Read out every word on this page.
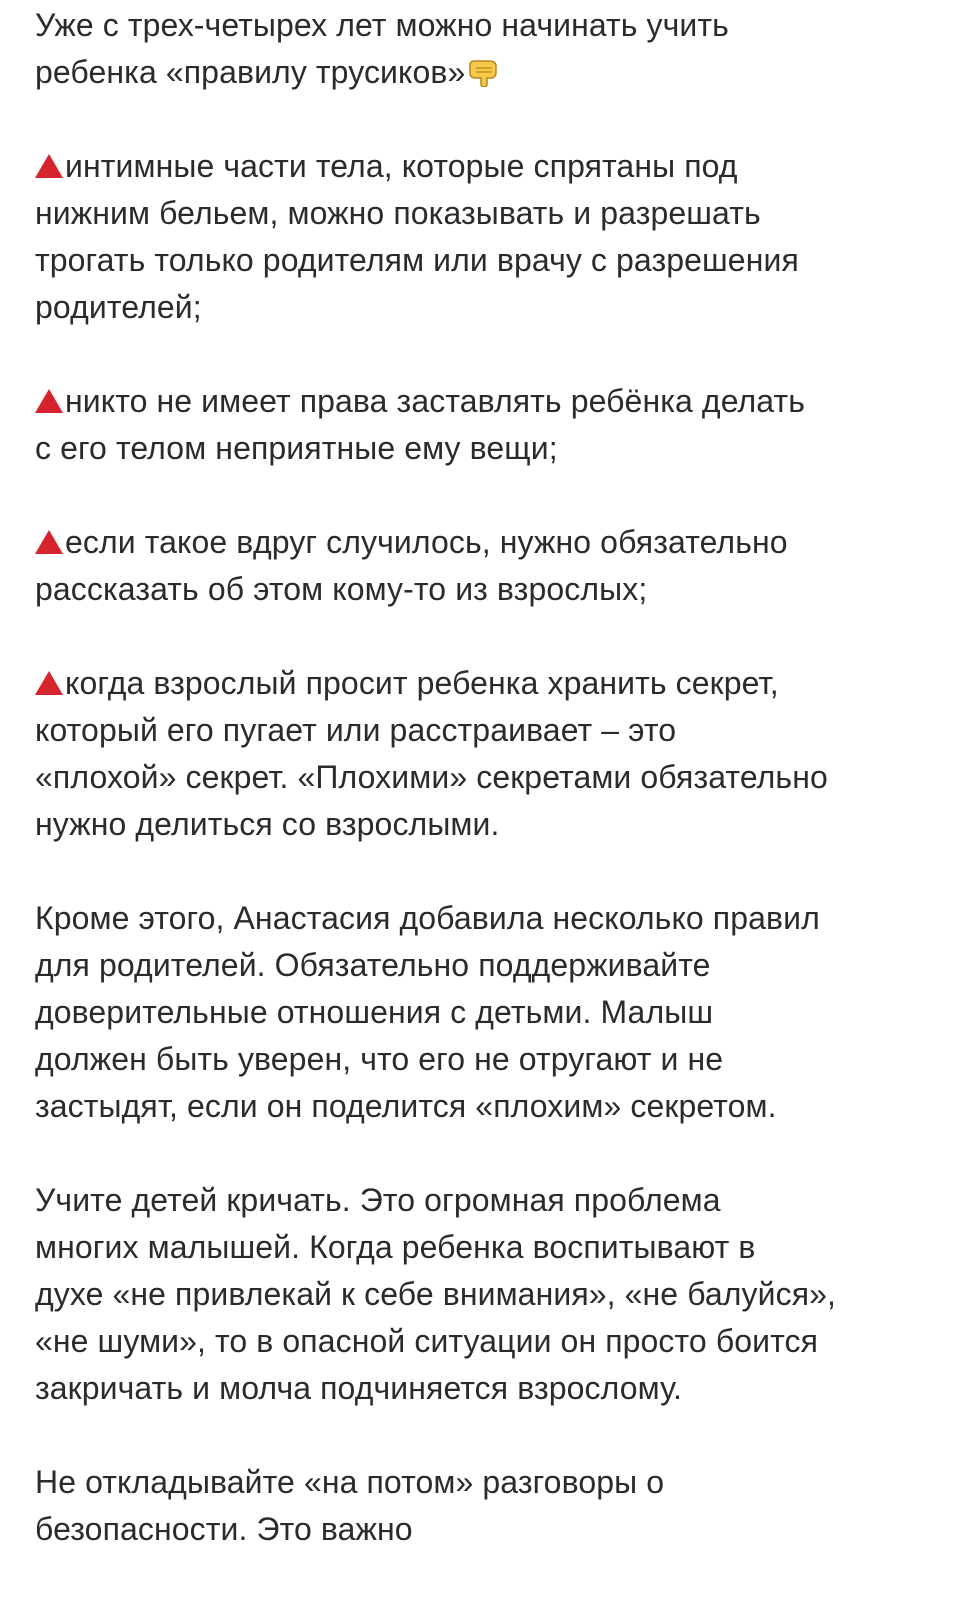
Уже с трех-четырех лет можно начинать учить
ребенка «правилу трусиков»

интимные части тела, которые спрятаны под
нижним бельем, можно показывать и разрешать
трогать только родителям или врачу с разрешения
родителей;

никто не имеет права заставлять ребёнка делать
с его телом неприятные ему вещи;

если такое вдруг случилось, нужно обязательно
рассказать об этом кому-то из взрослых;

когда взрослый просит ребенка хранить секрет,
который его пугает или расстраивает – это
«плохой» секрет. «Плохими» секретами обязательно
нужно делиться со взрослыми.

Кроме этого, Анастасия добавила несколько правил
для родителей. Обязательно поддерживайте
доверительные отношения с детьми. Малыш
должен быть уверен, что его не отругают и не
застыдят, если он поделится «плохим» секретом.

Учите детей кричать. Это огромная проблема
многих малышей. Когда ребенка воспитывают в
духе «не привлекай к себе внимания», «не балуйся»,
«не шуми», то в опасной ситуации он просто боится
закричать и молча подчиняется взрослому.

Не откладывайте «на потом» разговоры о
безопасности. Это важно
